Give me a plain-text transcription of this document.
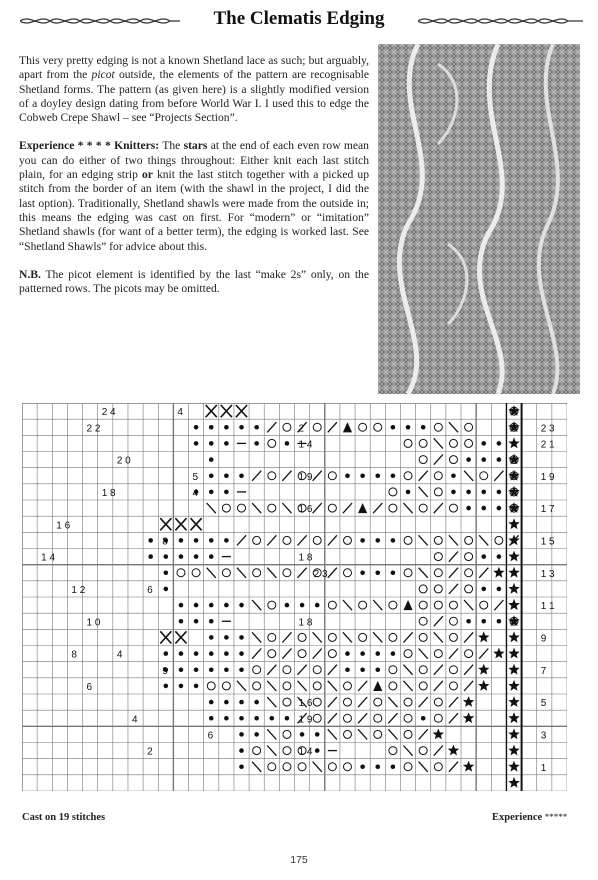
The Clematis Edging

This very pretty edging is not a known Shetland lace as such; but arguably, apart from the picot outside, the elements of the pattern are recognisable Shetland forms. The pattern (as given here) is a slightly modified version of a doyley design dating from before World War I. I used this to edge the Cobweb Crepe Shawl – see “Projects Section”.

Experience * * * * Knitters: The stars at the end of each even row mean you can do either of two things throughout: Either knit each last stitch plain, for an edging strip or knit the last stitch together with a picked up stitch from the border of an item (with the shawl in the project, I did the last option). Traditionally, Shetland shawls were made from the outside in; this means the edging was cast on first. For “modern” or “imitation” Shetland shawls (for want of a better term), the edging is worked last. See “Shetland Shawls” for advice about this.

N.B. The picot element is identified by the last “make 2s” only, on the patterned rows. The picots may be omitted.

2 3
2 1
1 9
1 7
1 5
1 3
1 1
9
7
5
3
1
2 4
2 2
2 0
1 8
1 6
1 4
1 2
1 0
8
6
4
2
4
2
1 4
1 9
5
1 6
8
1 8
2 3
6
1 8
4
9
1 6
1 9
6
1 4
4
Cast on 19 stitches	Experience *****
175
